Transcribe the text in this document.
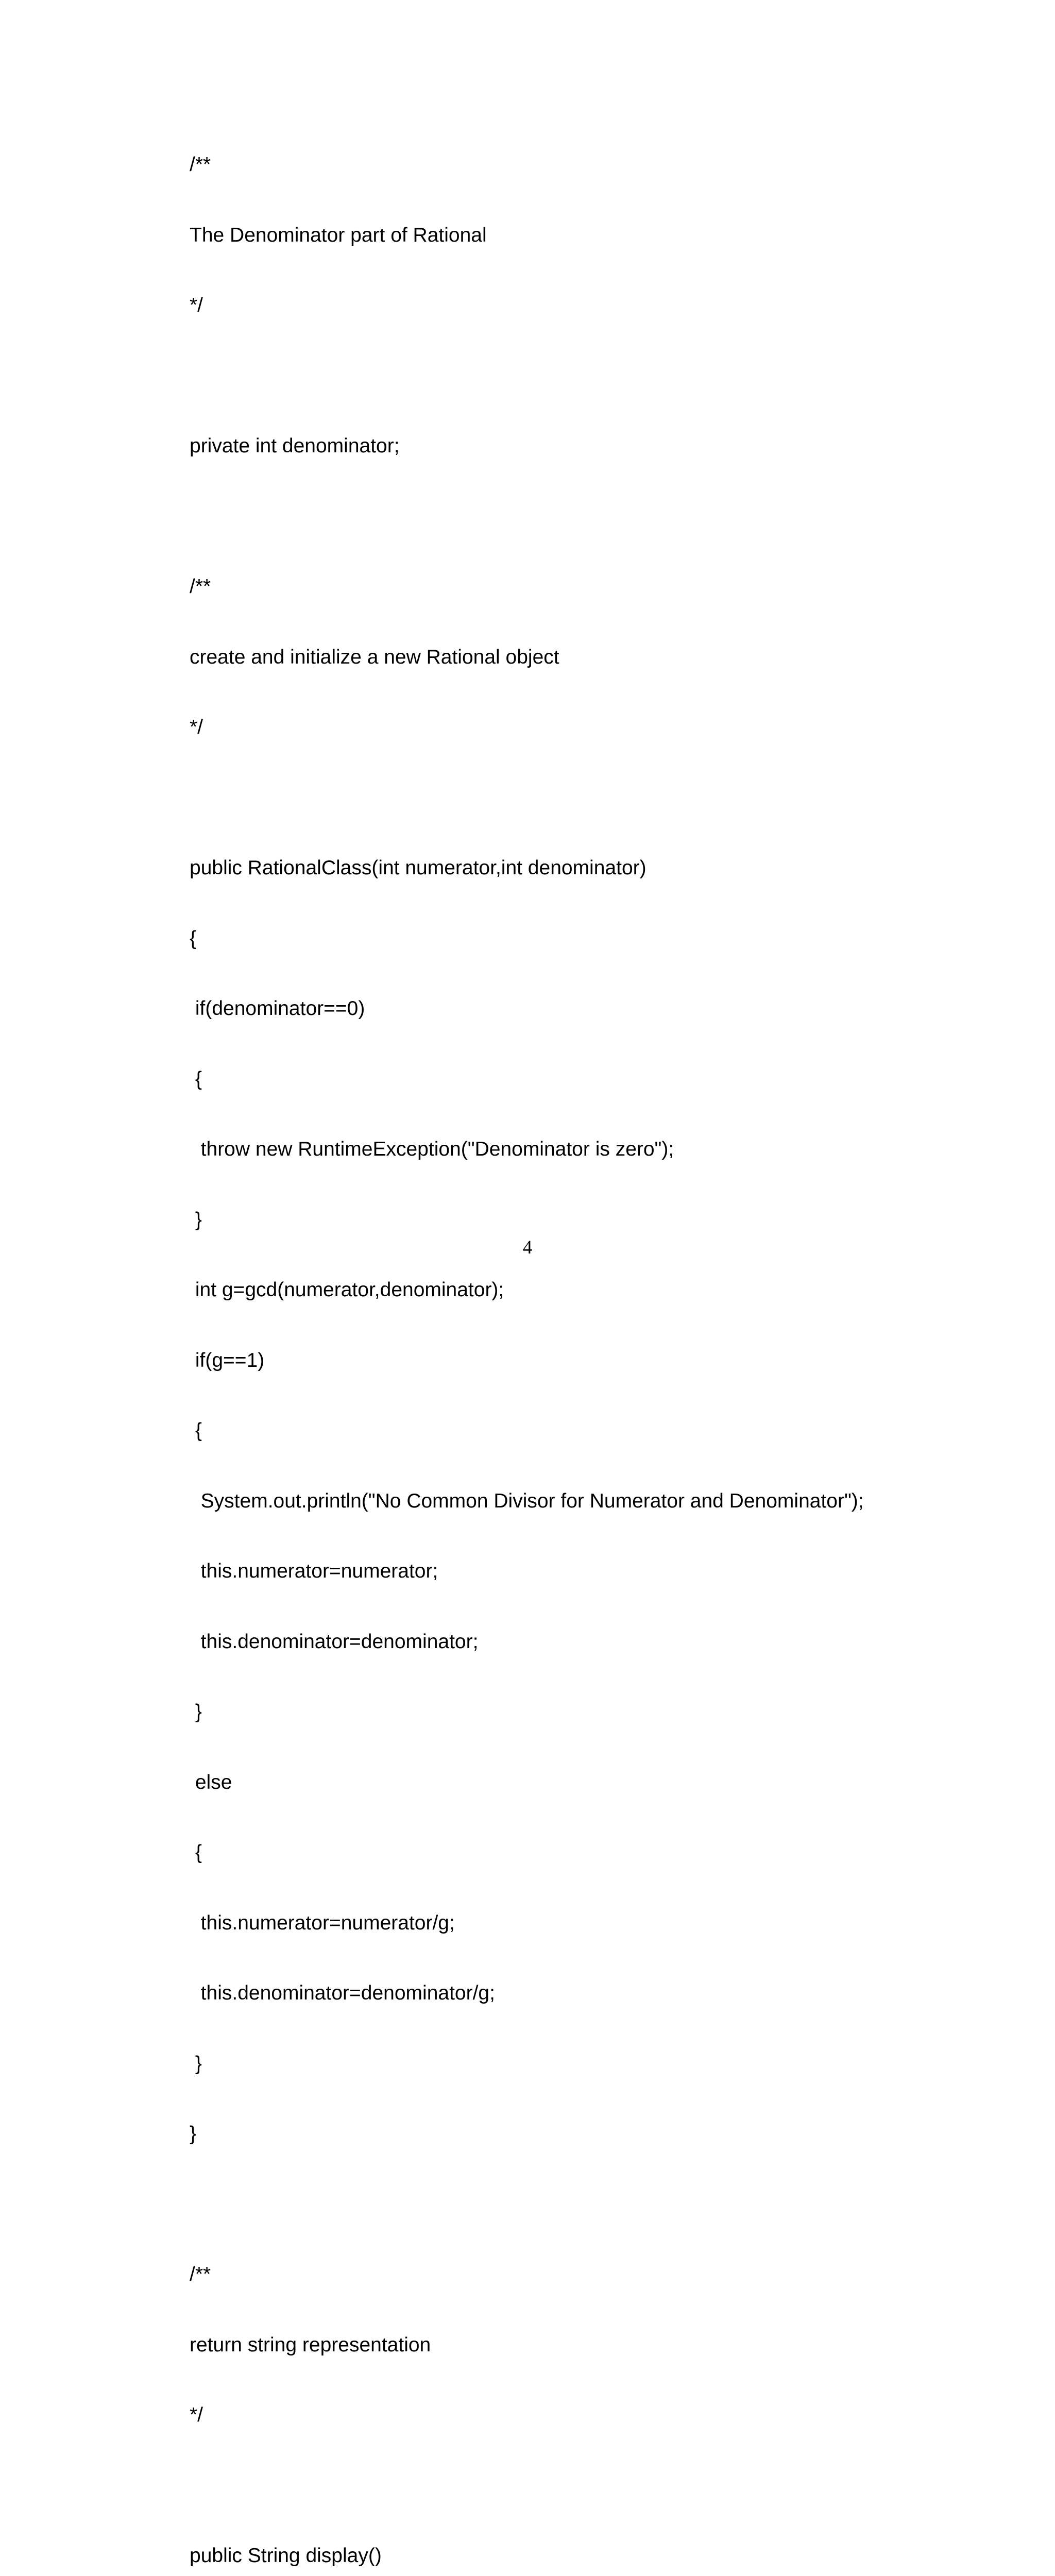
/**

The Denominator part of Rational

*/

private int denominator;

/**

create and initialize a new Rational object

*/

public RationalClass(int numerator,int denominator)

{

if(denominator==0)

{

throw new RuntimeException("Denominator is zero");

}

int g=gcd(numerator,denominator);

if(g==1)

{

System.out.println("No Common Divisor for Numerator and Denominator");

this.numerator=numerator;

this.denominator=denominator;

}

else

{

this.numerator=numerator/g;

this.denominator=denominator/g;

}

}

/**

return string representation

*/

public String display()

4
